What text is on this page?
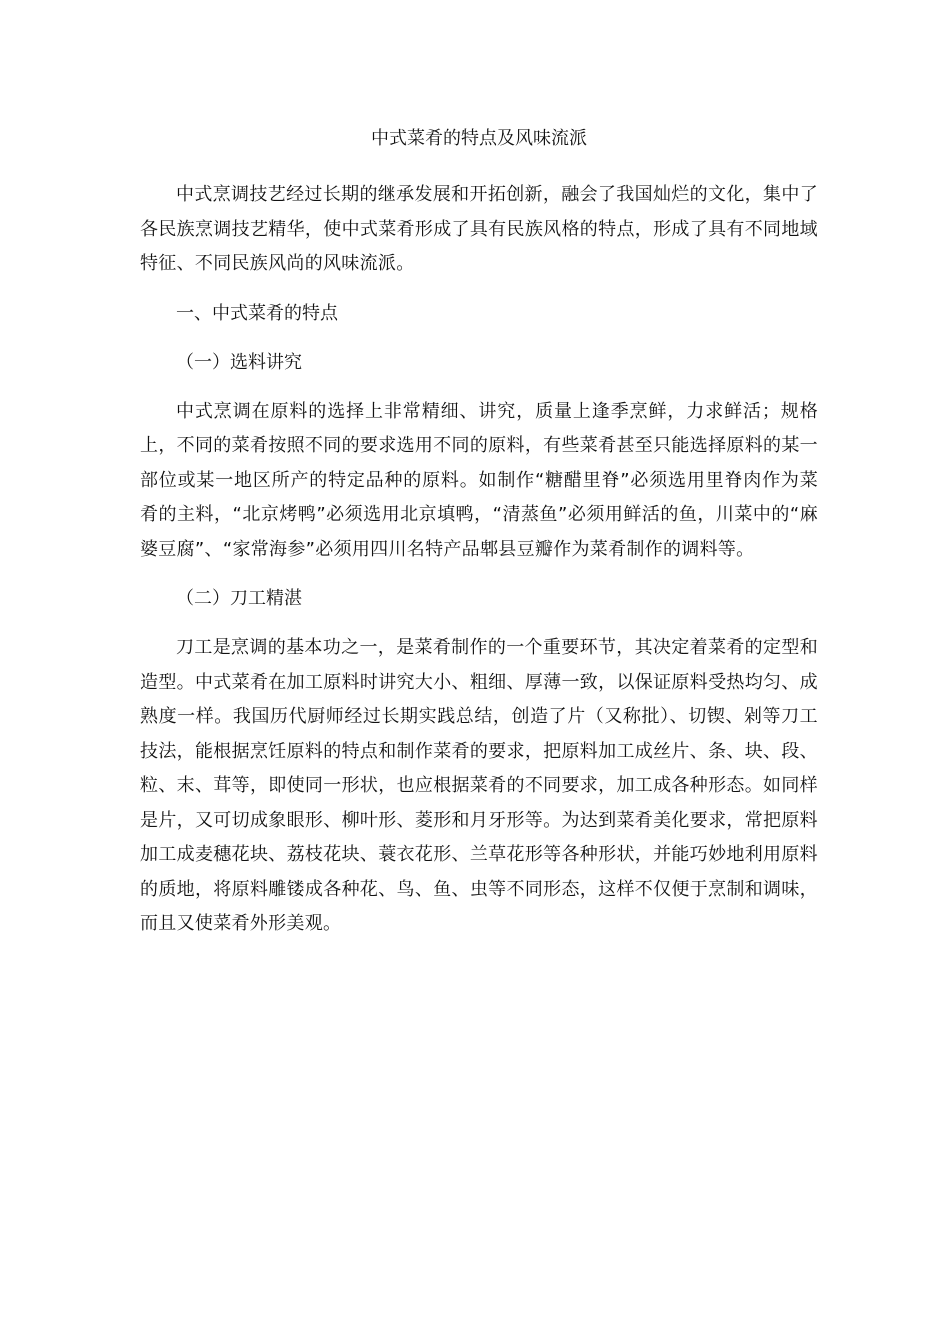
中式菜肴的特点及风味流派

中式烹调技艺经过长期的继承发展和开拓创新，融会了我国灿烂的文化，集中了各民族烹调技艺精华，使中式菜肴形成了具有民族风格的特点，形成了具有不同地域特征、不同民族风尚的风味流派。

一、中式菜肴的特点
（一）选料讲究

中式烹调在原料的选择上非常精细、讲究，质量上逢季烹鲜，力求鲜活；规格上，不同的菜肴按照不同的要求选用不同的原料，有些菜肴甚至只能选择原料的某一部位或某一地区所产的特定品种的原料。如制作“糖醋里脊”必须选用里脊肉作为菜肴的主料，“北京烤鸭”必须选用北京填鸭，“清蒸鱼”必须用鲜活的鱼，川菜中的“麻婆豆腐”、“家常海参”必须用四川名特产品郫县豆瓣作为菜肴制作的调料等。

（二）刀工精湛

刀工是烹调的基本功之一，是菜肴制作的一个重要环节，其决定着菜肴的定型和造型。中式菜肴在加工原料时讲究大小、粗细、厚薄一致，以保证原料受热均匀、成熟度一样。我国历代厨师经过长期实践总结，创造了片（又称批）、切锲、剁等刀工技法，能根据烹饪原料的特点和制作菜肴的要求，把原料加工成丝片、条、块、段、粒、末、茸等，即使同一形状，也应根据菜肴的不同要求，加工成各种形态。如同样是片，又可切成象眼形、柳叶形、菱形和月牙形等。为达到菜肴美化要求，常把原料加工成麦穗花块、荔枝花块、蓑衣花形、兰草花形等各种形状，并能巧妙地利用原料的质地，将原料雕镂成各种花、鸟、鱼、虫等不同形态，这样不仅便于烹制和调味，而且又使菜肴外形美观。
